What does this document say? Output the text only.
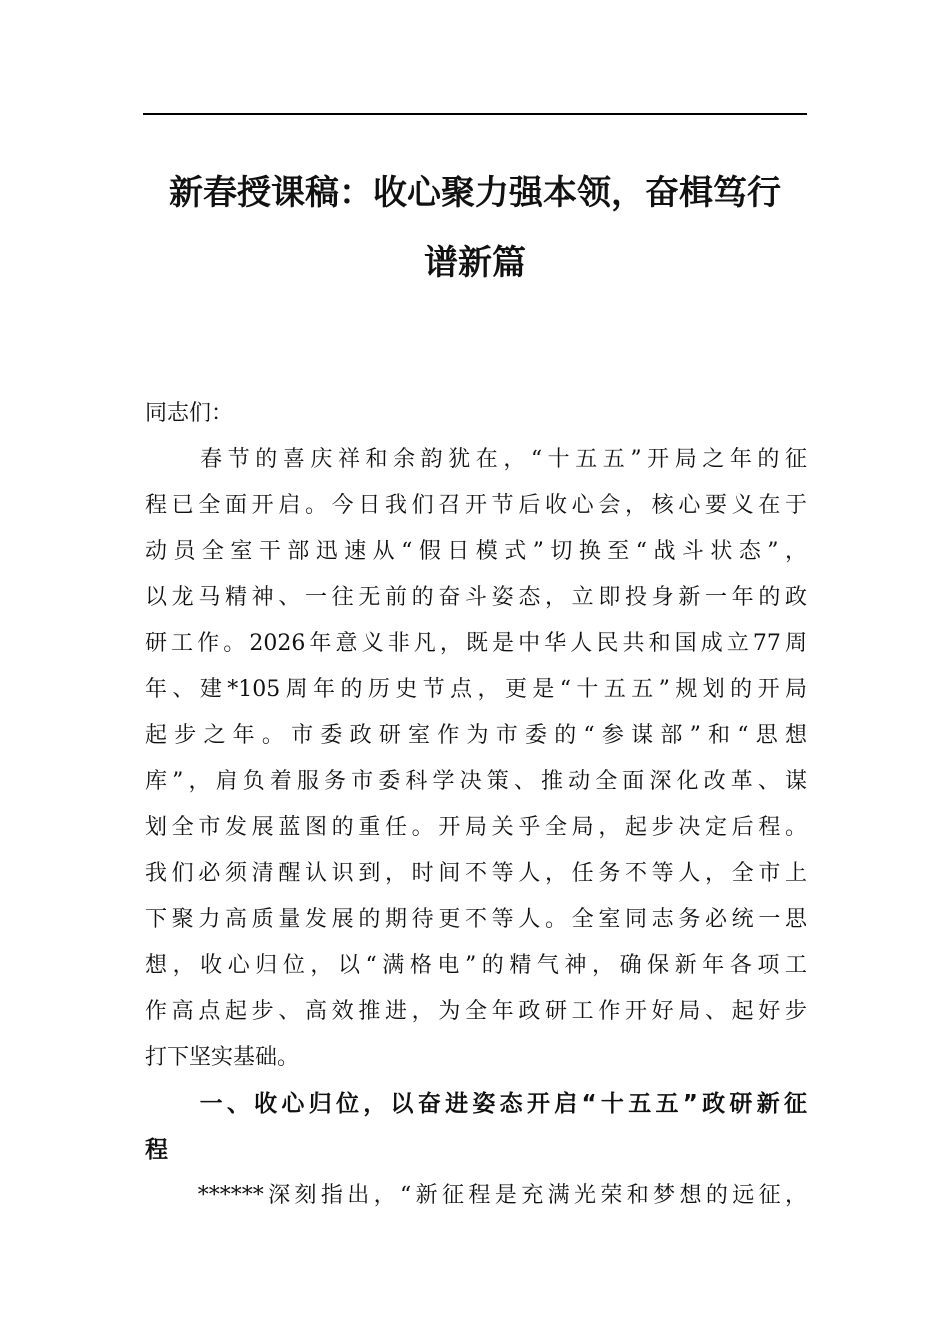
新春授课稿：收心聚力强本领，奋楫笃行
谱新篇

同志们：

　　春节的喜庆祥和余韵犹在，“十五五”开局之年的征
程已全面开启。今日我们召开节后收心会，核心要义在于
动员全室干部迅速从“假日模式”切换至“战斗状态”，
以龙马精神、一往无前的奋斗姿态，立即投身新一年的政
研工作。2026年意义非凡，既是中华人民共和国成立77周
年、建*105周年的历史节点，更是“十五五”规划的开局
起步之年。市委政研室作为市委的“参谋部”和“思想
库”，肩负着服务市委科学决策、推动全面深化改革、谋
划全市发展蓝图的重任。开局关乎全局，起步决定后程。
我们必须清醒认识到，时间不等人，任务不等人，全市上
下聚力高质量发展的期待更不等人。全室同志务必统一思
想，收心归位，以“满格电”的精气神，确保新年各项工
作高点起步、高效推进，为全年政研工作开好局、起好步
打下坚实基础。

　　一、收心归位，以奋进姿态开启“十五五”政研新征
程

　　******深刻指出，“新征程是充满光荣和梦想的远征，
